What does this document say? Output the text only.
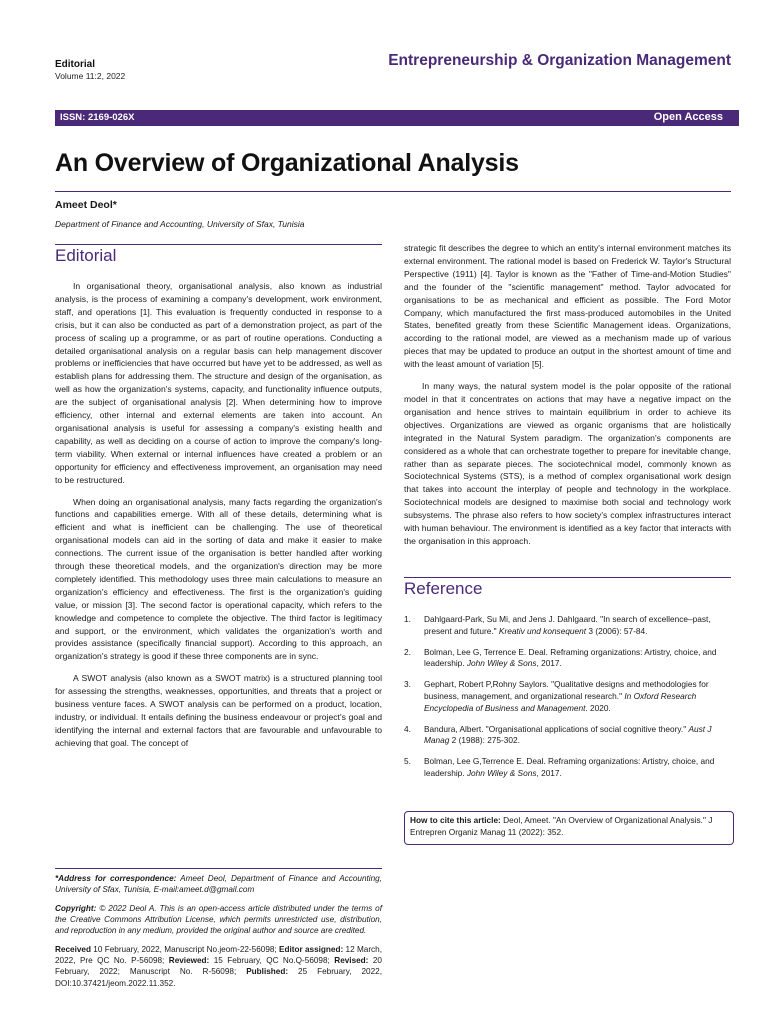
Editorial
Volume 11:2, 2022
Entrepreneurship & Organization Management
ISSN: 2169-026X	Open Access
An Overview of Organizational Analysis
Ameet Deol*
Department of Finance and Accounting, University of Sfax, Tunisia
Editorial

In organisational theory, organisational analysis, also known as industrial analysis, is the process of examining a company's development, work environment, staff, and operations [1]. This evaluation is frequently conducted in response to a crisis, but it can also be conducted as part of a demonstration project, as part of the process of scaling up a programme, or as part of routine operations. Conducting a detailed organisational analysis on a regular basis can help management discover problems or inefficiencies that have occurred but have yet to be addressed, as well as establish plans for addressing them. The structure and design of the organisation, as well as how the organization's systems, capacity, and functionality influence outputs, are the subject of organisational analysis [2]. When determining how to improve efficiency, other internal and external elements are taken into account. An organisational analysis is useful for assessing a company's existing health and capability, as well as deciding on a course of action to improve the company's long-term viability. When external or internal influences have created a problem or an opportunity for efficiency and effectiveness improvement, an organisation may need to be restructured.

When doing an organisational analysis, many facts regarding the organization's functions and capabilities emerge. With all of these details, determining what is efficient and what is inefficient can be challenging. The use of theoretical organisational models can aid in the sorting of data and make it easier to make connections. The current issue of the organisation is better handled after working through these theoretical models, and the organization's direction may be more completely identified. This methodology uses three main calculations to measure an organization's efficiency and effectiveness. The first is the organization's guiding value, or mission [3]. The second factor is operational capacity, which refers to the knowledge and competence to complete the objective. The third factor is legitimacy and support, or the environment, which validates the organization's worth and provides assistance (specifically financial support). According to this approach, an organization's strategy is good if these three components are in sync.

A SWOT analysis (also known as a SWOT matrix) is a structured planning tool for assessing the strengths, weaknesses, opportunities, and threats that a project or business venture faces. A SWOT analysis can be performed on a product, location, industry, or individual. It entails defining the business endeavour or project's goal and identifying the internal and external factors that are favourable and unfavourable to achieving that goal. The concept of

strategic fit describes the degree to which an entity's internal environment matches its external environment. The rational model is based on Frederick W. Taylor's Structural Perspective (1911) [4]. Taylor is known as the "Father of Time-and-Motion Studies" and the founder of the "scientific management" method. Taylor advocated for organisations to be as mechanical and efficient as possible. The Ford Motor Company, which manufactured the first mass-produced automobiles in the United States, benefited greatly from these Scientific Management ideas. Organizations, according to the rational model, are viewed as a mechanism made up of various pieces that may be updated to produce an output in the shortest amount of time and with the least amount of variation [5].

In many ways, the natural system model is the polar opposite of the rational model in that it concentrates on actions that may have a negative impact on the organisation and hence strives to maintain equilibrium in order to achieve its objectives. Organizations are viewed as organic organisms that are holistically integrated in the Natural System paradigm. The organization's components are considered as a whole that can orchestrate together to prepare for inevitable change, rather than as separate pieces. The sociotechnical model, commonly known as Sociotechnical Systems (STS), is a method of complex organisational work design that takes into account the interplay of people and technology in the workplace. Sociotechnical models are designed to maximise both social and technology work subsystems. The phrase also refers to how society's complex infrastructures interact with human behaviour. The environment is identified as a key factor that interacts with the organisation in this approach.

Reference
1. Dahlgaard-Park, Su Mi, and Jens J. Dahlgaard. "In search of excellence–past, present and future." Kreativ und konsequent 3 (2006): 57-84.
2. Bolman, Lee G, Terrence E. Deal. Reframing organizations: Artistry, choice, and leadership. John Wiley & Sons, 2017.
3. Gephart, Robert P,Rohny Saylors. "Qualitative designs and methodologies for business, management, and organizational research." In Oxford Research Encyclopedia of Business and Management. 2020.
4. Bandura, Albert. "Organisational applications of social cognitive theory." Aust J Manag 2 (1988): 275-302.
5. Bolman, Lee G,Terrence E. Deal. Reframing organizations: Artistry, choice, and leadership. John Wiley & Sons, 2017.
How to cite this article: Deol, Ameet. "An Overview of Organizational Analysis." J Entrepren Organiz Manag 11 (2022): 352.
*Address for correspondence: Ameet Deol, Department of Finance and Accounting, University of Sfax, Tunisia, E-mail:ameet.d@gmail.com
Copyright: © 2022 Deol A. This is an open-access article distributed under the terms of the Creative Commons Attribution License, which permits unrestricted use, distribution, and reproduction in any medium, provided the original author and source are credited.
Received 10 February, 2022, Manuscript No.jeom-22-56098; Editor assigned: 12 March, 2022, Pre QC No. P-56098; Reviewed: 15 February, QC No.Q-56098; Revised: 20 February, 2022; Manuscript No. R-56098; Published: 25 February, 2022, DOI:10.37421/jeom.2022.11.352.
